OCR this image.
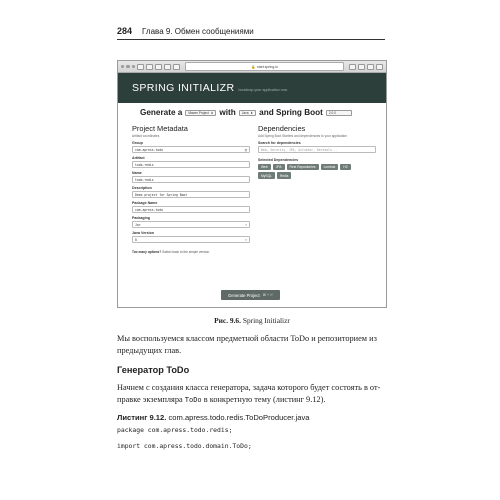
284 Глава 9. Обмен сообщениями
🔒 start.spring.io
SPRING INITIALIZR bootstrap your application now
Generate a Maven Project ⬍ with Java ⬍ and Spring Boot 2.0.0
Project Metadata
Artifact coordinates
Group
com.apress.todo	▤
Artifact
todo-redis
Name
todo-redis
Description
Demo project for Spring Boot
Package Name
com.apress.todo
Packaging
Jar	⬍
Java Version
8	⬍
Too many options? Switch back to the simple version.
Dependencies
Add Spring Boot Starters and dependencies to your application
Search for dependencies
Web, Security, JPA, Actuator, Devtools...
Selected Dependencies
Web	JPA	Rest Repositories	Lombok	H2
MySQL	Redis
Generate Project ⌘ + ⏎
Рис. 9.6. Spring Initializr

Мы воспользуемся классом предметной области ToDo и репозиторием из предыдущих глав.

Генератор ToDo

Начнем с создания класса генератора, задача которого будет состоять в от-правке экземпляра ToDo в конкретную тему (листинг 9.12).

Листинг 9.12. com.apress.todo.redis.ToDoProducer.java
package com.apress.todo.redis;
import com.apress.todo.domain.ToDo;
